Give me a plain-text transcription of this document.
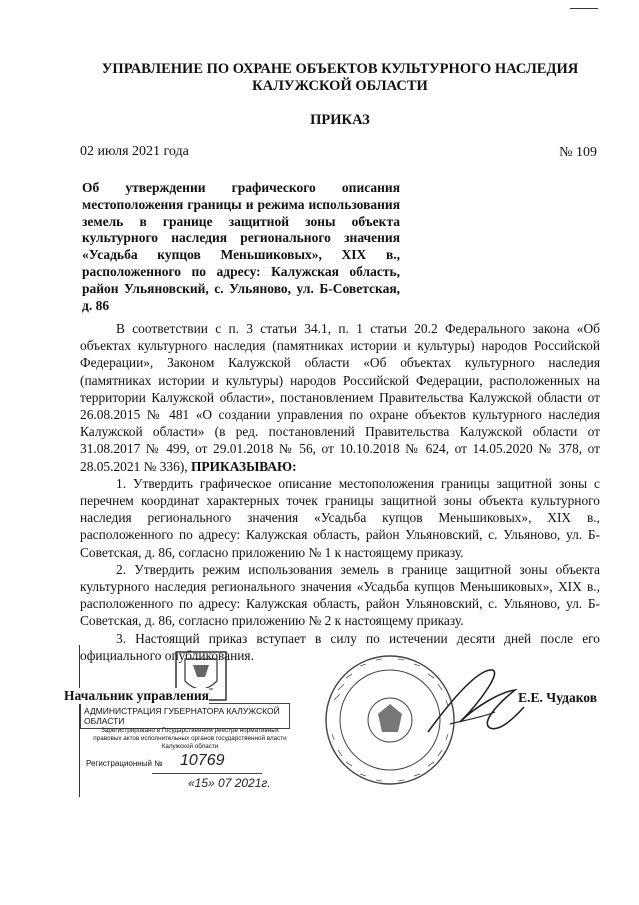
УПРАВЛЕНИЕ ПО ОХРАНЕ ОБЪЕКТОВ КУЛЬТУРНОГО НАСЛЕДИЯ
КАЛУЖСКОЙ ОБЛАСТИ
ПРИКАЗ
02 июля 2021 года	№ 109
Об утверждении графического описания местоположения границы и режима использования земель в границе защитной зоны объекта культурного наследия регионального значения «Усадьба купцов Меньшиковых», XIX в., расположенного по адресу: Калужская область, район Ульяновский, с. Ульяново, ул. Б-Советская, д. 86

В соответствии с п. 3 статьи 34.1, п. 1 статьи 20.2 Федерального закона «Об объектах культурного наследия (памятниках истории и культуры) народов Российской Федерации», Законом Калужской области «Об объектах культурного наследия (памятниках истории и культуры) народов Российской Федерации, расположенных на территории Калужской области», постановлением Правительства Калужской области от 26.08.2015 № 481 «О создании управления по охране объектов культурного наследия Калужской области» (в ред. постановлений Правительства Калужской области от 31.08.2017 № 499, от 29.01.2018 № 56, от 10.10.2018 № 624, от 14.05.2020 № 378, от 28.05.2021 № 336), ПРИКАЗЫВАЮ:

1. Утвердить графическое описание местоположения границы защитной зоны с перечнем координат характерных точек границы защитной зоны объекта культурного наследия регионального значения «Усадьба купцов Меньшиковых», XIX в., расположенного по адресу: Калужская область, район Ульяновский, с. Ульяново, ул. Б-Советская, д. 86, согласно приложению № 1 к настоящему приказу.

2. Утвердить режим использования земель в границе защитной зоны объекта культурного наследия регионального значения «Усадьба купцов Меньшиковых», XIX в., расположенного по адресу: Калужская область, район Ульяновский, с. Ульяново, ул. Б-Советская, д. 86, согласно приложению № 2 к настоящему приказу.

3. Настоящий приказ вступает в силу по истечении десяти дней после его официального опубликования.

АДМИНИСТРАЦИЯ ГУБЕРНАТОРА КАЛУЖСКОЙ ОБЛАСТИ
Зарегистрировано в Государственном реестре нормативных правовых актов исполнительных органов государственной власти Калужской области
Регистрационный № 10769
«15» 07 2021г.
Начальник управления	Е.Е. Чудаков
